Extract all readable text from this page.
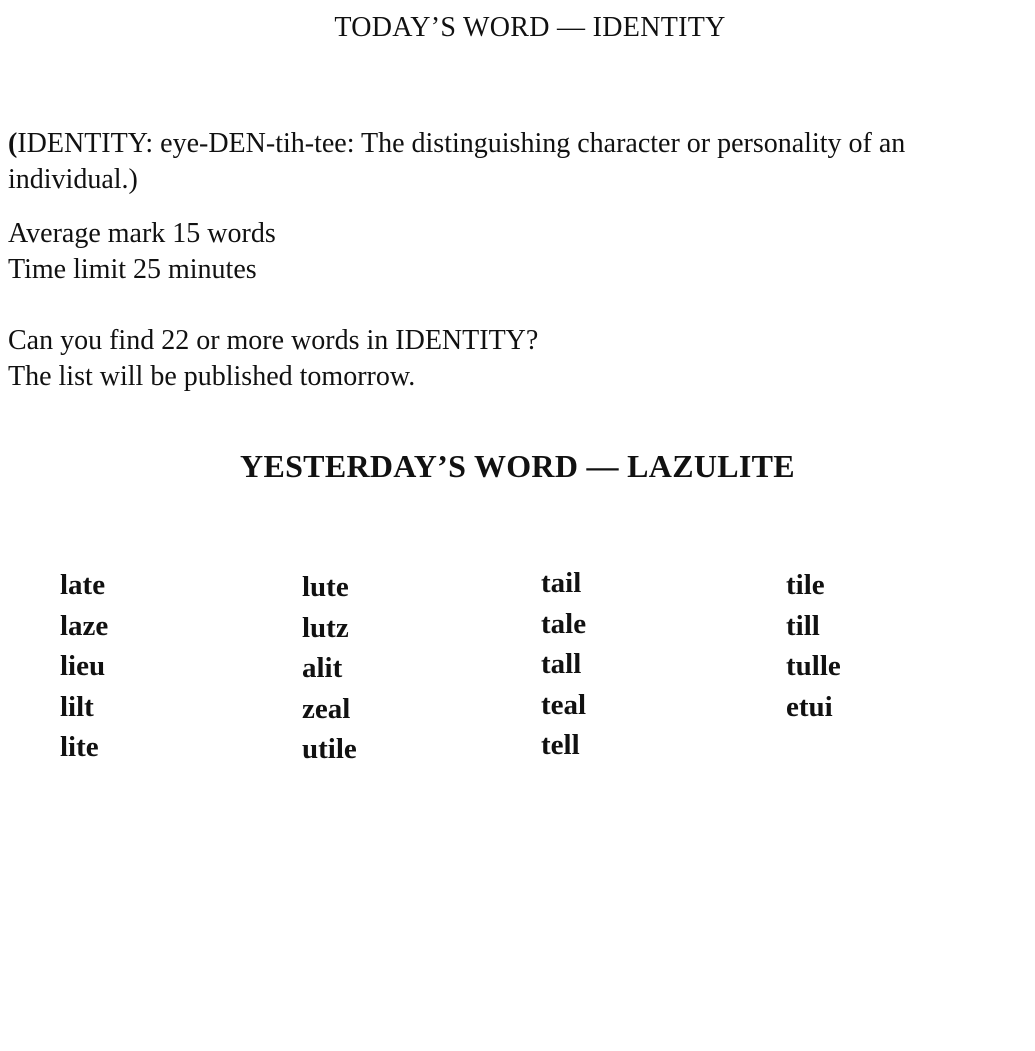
TODAY’S WORD — IDENTITY
(IDENTITY: eye-DEN-tih-tee: The distinguishing character or personality of an individual.)
Average mark 15 words
Time limit 25 minutes
Can you find 22 or more words in IDENTITY?
The list will be published tomorrow.
YESTERDAY’S WORD — LAZULITE
late
laze
lieu
lilt
lite
lute
lutz
alit
zeal
utile
tail
tale
tall
teal
tell
tile
till
tulle
etui
